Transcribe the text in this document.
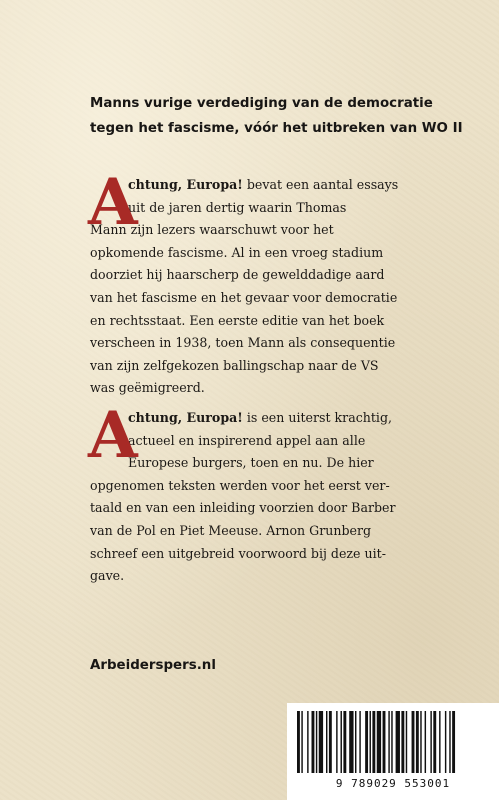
Manns vurige verdediging van de democratie
tegen het fascisme, vóór het uitbreken van WO II
A
chtung, Europa! bevat een aantal essays
uit de jaren dertig waarin Thomas
Mann zijn lezers waarschuwt voor het
opkomende fascisme. Al in een vroeg stadium
doorziet hij haarscherp de gewelddadige aard
van het fascisme en het gevaar voor democratie
en rechtsstaat. Een eerste editie van het boek
verscheen in 1938, toen Mann als consequentie
van zijn zelfgekozen ballingschap naar de VS
was geëmigreerd.
A
chtung, Europa! is een uiterst krachtig,
actueel en inspirerend appel aan alle
Europese burgers, toen en nu. De hier
opgenomen teksten werden voor het eerst ver-
taald en van een inleiding voorzien door Barber
van de Pol en Piet Meeuse. Arnon Grunberg
schreef een uitgebreid voorwoord bij deze uit-
gave.
Arbeiderspers.nl
9 789029 553001
